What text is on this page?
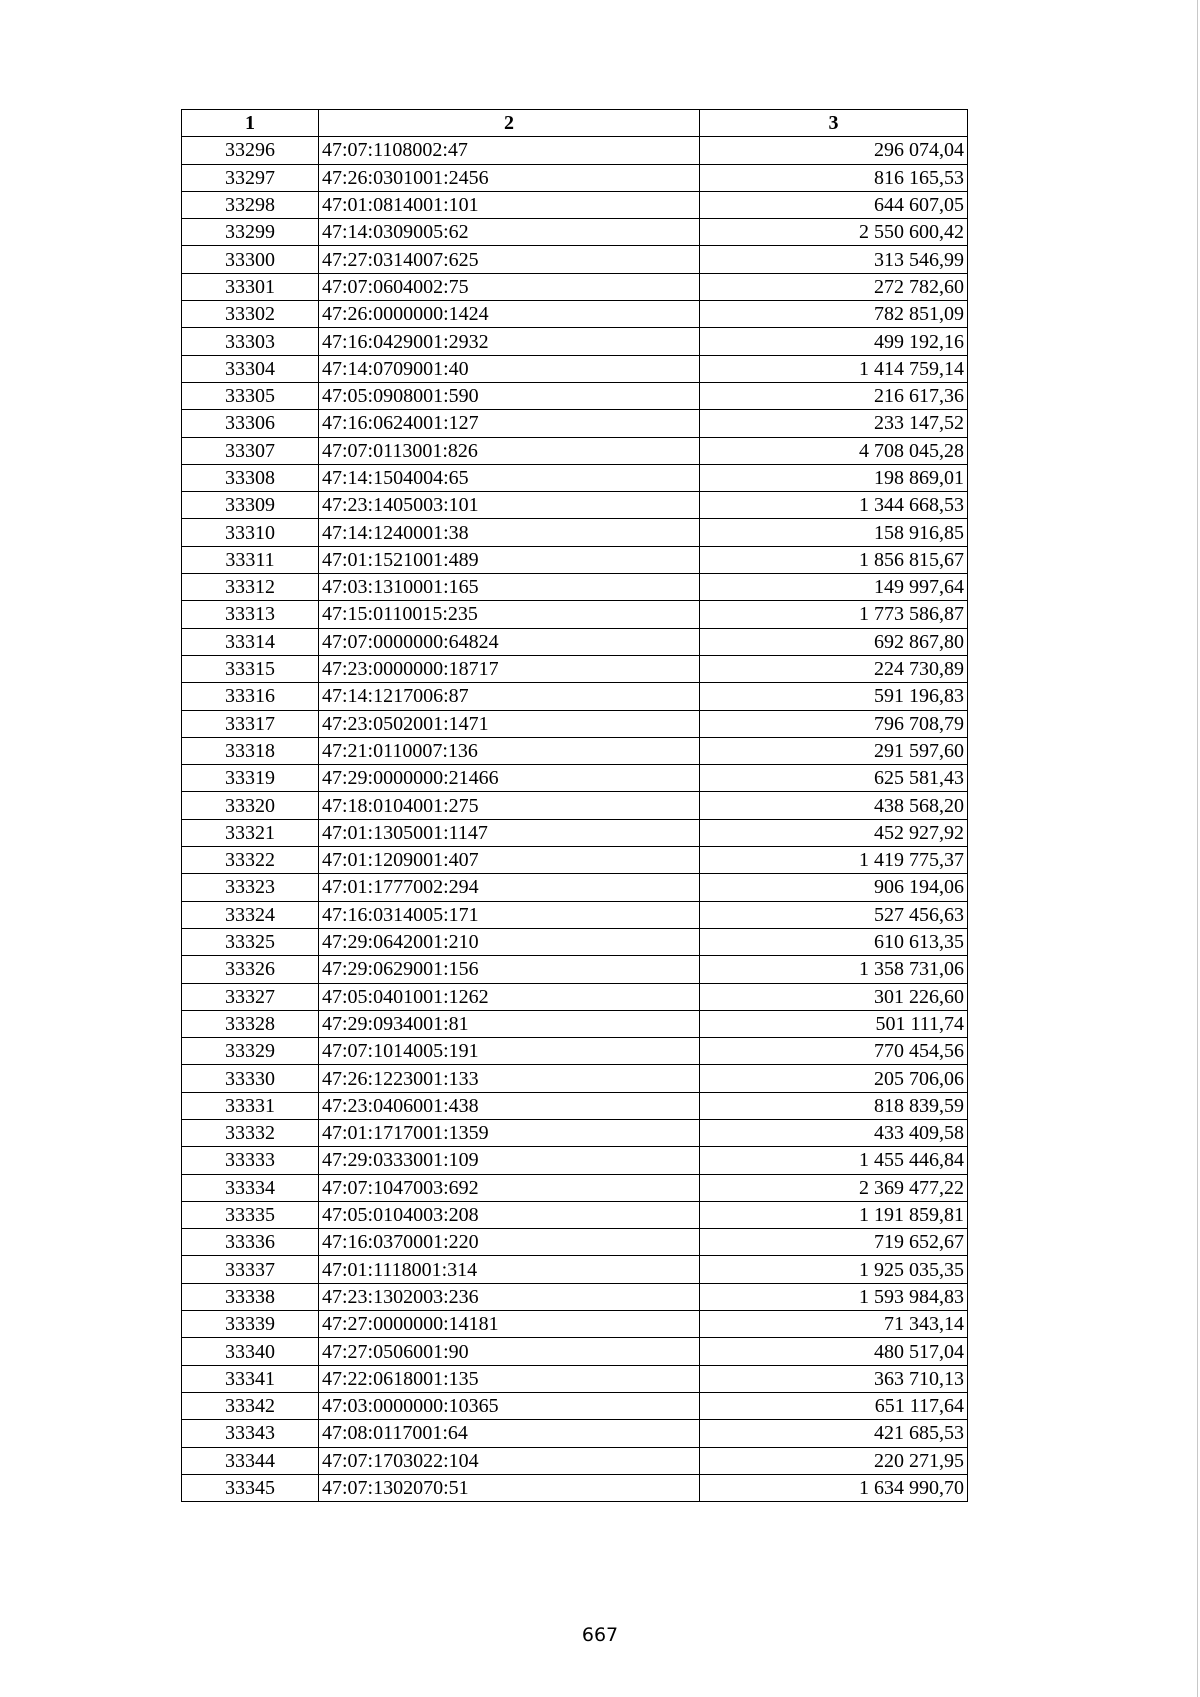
1	2	3
33296	47:07:1108002:47	296 074,04
33297	47:26:0301001:2456	816 165,53
33298	47:01:0814001:101	644 607,05
33299	47:14:0309005:62	2 550 600,42
33300	47:27:0314007:625	313 546,99
33301	47:07:0604002:75	272 782,60
33302	47:26:0000000:1424	782 851,09
33303	47:16:0429001:2932	499 192,16
33304	47:14:0709001:40	1 414 759,14
33305	47:05:0908001:590	216 617,36
33306	47:16:0624001:127	233 147,52
33307	47:07:0113001:826	4 708 045,28
33308	47:14:1504004:65	198 869,01
33309	47:23:1405003:101	1 344 668,53
33310	47:14:1240001:38	158 916,85
33311	47:01:1521001:489	1 856 815,67
33312	47:03:1310001:165	149 997,64
33313	47:15:0110015:235	1 773 586,87
33314	47:07:0000000:64824	692 867,80
33315	47:23:0000000:18717	224 730,89
33316	47:14:1217006:87	591 196,83
33317	47:23:0502001:1471	796 708,79
33318	47:21:0110007:136	291 597,60
33319	47:29:0000000:21466	625 581,43
33320	47:18:0104001:275	438 568,20
33321	47:01:1305001:1147	452 927,92
33322	47:01:1209001:407	1 419 775,37
33323	47:01:1777002:294	906 194,06
33324	47:16:0314005:171	527 456,63
33325	47:29:0642001:210	610 613,35
33326	47:29:0629001:156	1 358 731,06
33327	47:05:0401001:1262	301 226,60
33328	47:29:0934001:81	501 111,74
33329	47:07:1014005:191	770 454,56
33330	47:26:1223001:133	205 706,06
33331	47:23:0406001:438	818 839,59
33332	47:01:1717001:1359	433 409,58
33333	47:29:0333001:109	1 455 446,84
33334	47:07:1047003:692	2 369 477,22
33335	47:05:0104003:208	1 191 859,81
33336	47:16:0370001:220	719 652,67
33337	47:01:1118001:314	1 925 035,35
33338	47:23:1302003:236	1 593 984,83
33339	47:27:0000000:14181	71 343,14
33340	47:27:0506001:90	480 517,04
33341	47:22:0618001:135	363 710,13
33342	47:03:0000000:10365	651 117,64
33343	47:08:0117001:64	421 685,53
33344	47:07:1703022:104	220 271,95
33345	47:07:1302070:51	1 634 990,70
667
